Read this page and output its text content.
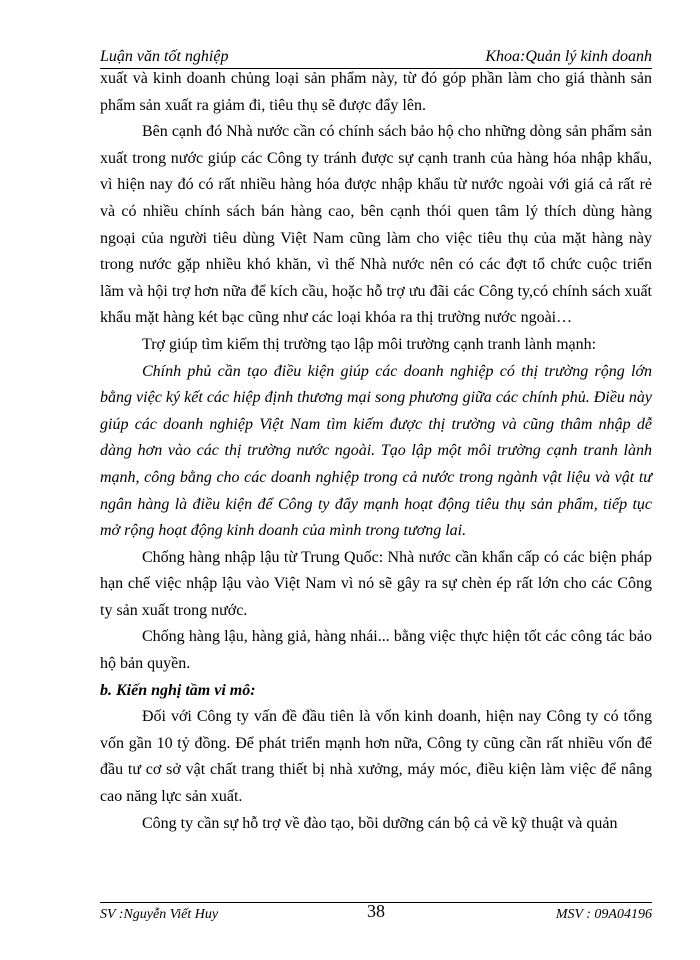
Luận văn tốt nghiệp	Khoa:Quản lý kinh doanh

xuất và kinh doanh chủng loại sản phẩm này, từ đó góp phần làm cho giá thành sản phẩm sản xuất ra giảm đi, tiêu thụ sẽ được đẩy lên.

Bên cạnh đó Nhà nước cần có chính sách bảo hộ cho những dòng sản phẩm sản xuất trong nước giúp các Công ty tránh được sự cạnh tranh của hàng hóa nhập khẩu, vì hiện nay đó có rất nhiều hàng hóa được nhập khẩu từ nước ngoài với giá cả rất rẻ và có nhiều chính sách bán hàng cao, bên cạnh thói quen tâm lý thích dùng hàng ngoại của người tiêu dùng Việt Nam cũng làm cho việc tiêu thụ của mặt hàng này trong nước gặp nhiều khó khăn, vì thế Nhà nước nên có các đợt tổ chức cuộc triển lãm và hội trợ hơn nữa để kích cầu, hoặc hỗ trợ ưu đãi các Công ty,có chính sách xuất khẩu mặt hàng két bạc cũng như các loại khóa ra thị trường nước ngoài…

Trợ giúp tìm kiếm thị trường tạo lập môi trường cạnh tranh lành mạnh:

Chính phủ cần tạo điều kiện giúp các doanh nghiệp có thị trường rộng lớn bằng việc ký kết các hiệp định thương mại song phương giữa các chính phủ. Điều này giúp các doanh nghiệp Việt Nam tìm kiếm được thị trường và cũng thâm nhập dễ dàng hơn vào các thị trường nước ngoài. Tạo lập một môi trường cạnh tranh lành mạnh, công bằng cho các doanh nghiệp trong cả nước trong ngành vật liệu và vật tư ngân hàng là điều kiện để Công ty đẩy mạnh hoạt động tiêu thụ sản phẩm, tiếp tục mở rộng hoạt động kinh doanh của mình trong tương lai.

Chống hàng nhập lậu từ Trung Quốc: Nhà nước cần khẩn cấp có các biện pháp hạn chế việc nhập lậu vào Việt Nam vì nó sẽ gây ra sự chèn ép rất lớn cho các Công ty sản xuất trong nước.

Chống hàng lậu, hàng giả, hàng nhái... bằng việc thực hiện tốt các công tác bảo hộ bản quyền.

b. Kiến nghị tầm vi mô:

Đối với Công ty vấn đề đầu tiên là vốn kinh doanh, hiện nay Công ty có tổng vốn gần 10 tỷ đồng. Để phát triển mạnh hơn nữa, Công ty cũng cần rất nhiều vốn để đầu tư cơ sở vật chất trang thiết bị nhà xưởng, máy móc, điều kiện làm việc để nâng cao năng lực sản xuất.

Công ty cần sự hỗ trợ về đào tạo, bồi dưỡng cán bộ cả về kỹ thuật và quản

SV :Nguyễn Viết Huy	38	MSV : 09A04196
